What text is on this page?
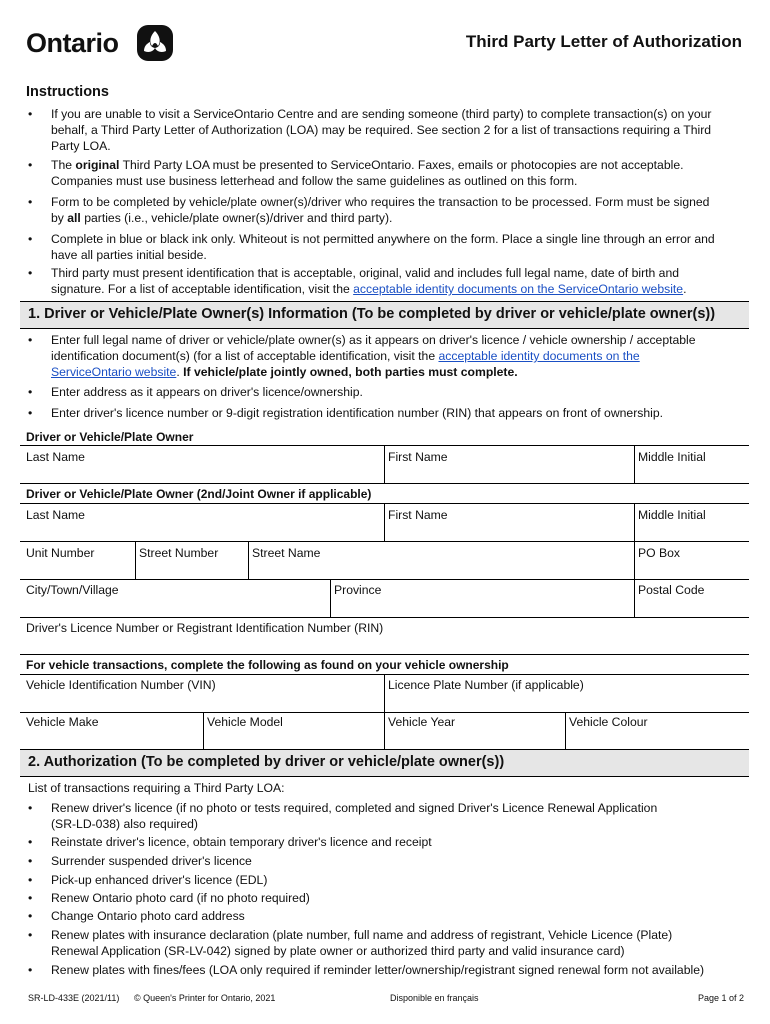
Ontario	Third Party Letter of Authorization
Instructions
• If you are unable to visit a ServiceOntario Centre and are sending someone (third party) to complete transaction(s) on your
behalf, a Third Party Letter of Authorization (LOA) may be required. See section 2 for a list of transactions requiring a Third
Party LOA.
• The original Third Party LOA must be presented to ServiceOntario. Faxes, emails or photocopies are not acceptable.
Companies must use business letterhead and follow the same guidelines as outlined on this form.
• Form to be completed by vehicle/plate owner(s)/driver who requires the transaction to be processed. Form must be signed
by all parties (i.e., vehicle/plate owner(s)/driver and third party).
• Complete in blue or black ink only. Whiteout is not permitted anywhere on the form. Place a single line through an error and
have all parties initial beside.
• Third party must present identification that is acceptable, original, valid and includes full legal name, date of birth and
signature. For a list of acceptable identification, visit the acceptable identity documents on the ServiceOntario website.
1. Driver or Vehicle/Plate Owner(s) Information (To be completed by driver or vehicle/plate owner(s))
• Enter full legal name of driver or vehicle/plate owner(s) as it appears on driver's licence / vehicle ownership / acceptable
identification document(s) (for a list of acceptable identification, visit the acceptable identity documents on the
ServiceOntario website. If vehicle/plate jointly owned, both parties must complete.
• Enter address as it appears on driver's licence/ownership.
• Enter driver's licence number or 9-digit registration identification number (RIN) that appears on front of ownership.
Driver or Vehicle/Plate Owner
Last Name	First Name	Middle Initial
Driver or Vehicle/Plate Owner (2nd/Joint Owner if applicable)
Last Name	First Name	Middle Initial
Unit Number	Street Number	Street Name	PO Box
City/Town/Village	Province	Postal Code
Driver's Licence Number or Registrant Identification Number (RIN)
For vehicle transactions, complete the following as found on your vehicle ownership
Vehicle Identification Number (VIN)	Licence Plate Number (if applicable)
Vehicle Make	Vehicle Model	Vehicle Year	Vehicle Colour
2. Authorization (To be completed by driver or vehicle/plate owner(s))
List of transactions requiring a Third Party LOA:
• Renew driver's licence (if no photo or tests required, completed and signed Driver's Licence Renewal Application
(SR-LD-038) also required)
• Reinstate driver's licence, obtain temporary driver's licence and receipt
• Surrender suspended driver's licence
• Pick-up enhanced driver's licence (EDL)
• Renew Ontario photo card (if no photo required)
• Change Ontario photo card address
• Renew plates with insurance declaration (plate number, full name and address of registrant, Vehicle Licence (Plate)
Renewal Application (SR-LV-042) signed by plate owner or authorized third party and valid insurance card)
• Renew plates with fines/fees (LOA only required if reminder letter/ownership/registrant signed renewal form not available)
SR-LD-433E (2021/11) © Queen's Printer for Ontario, 2021	Disponible en français	Page 1 of 2
